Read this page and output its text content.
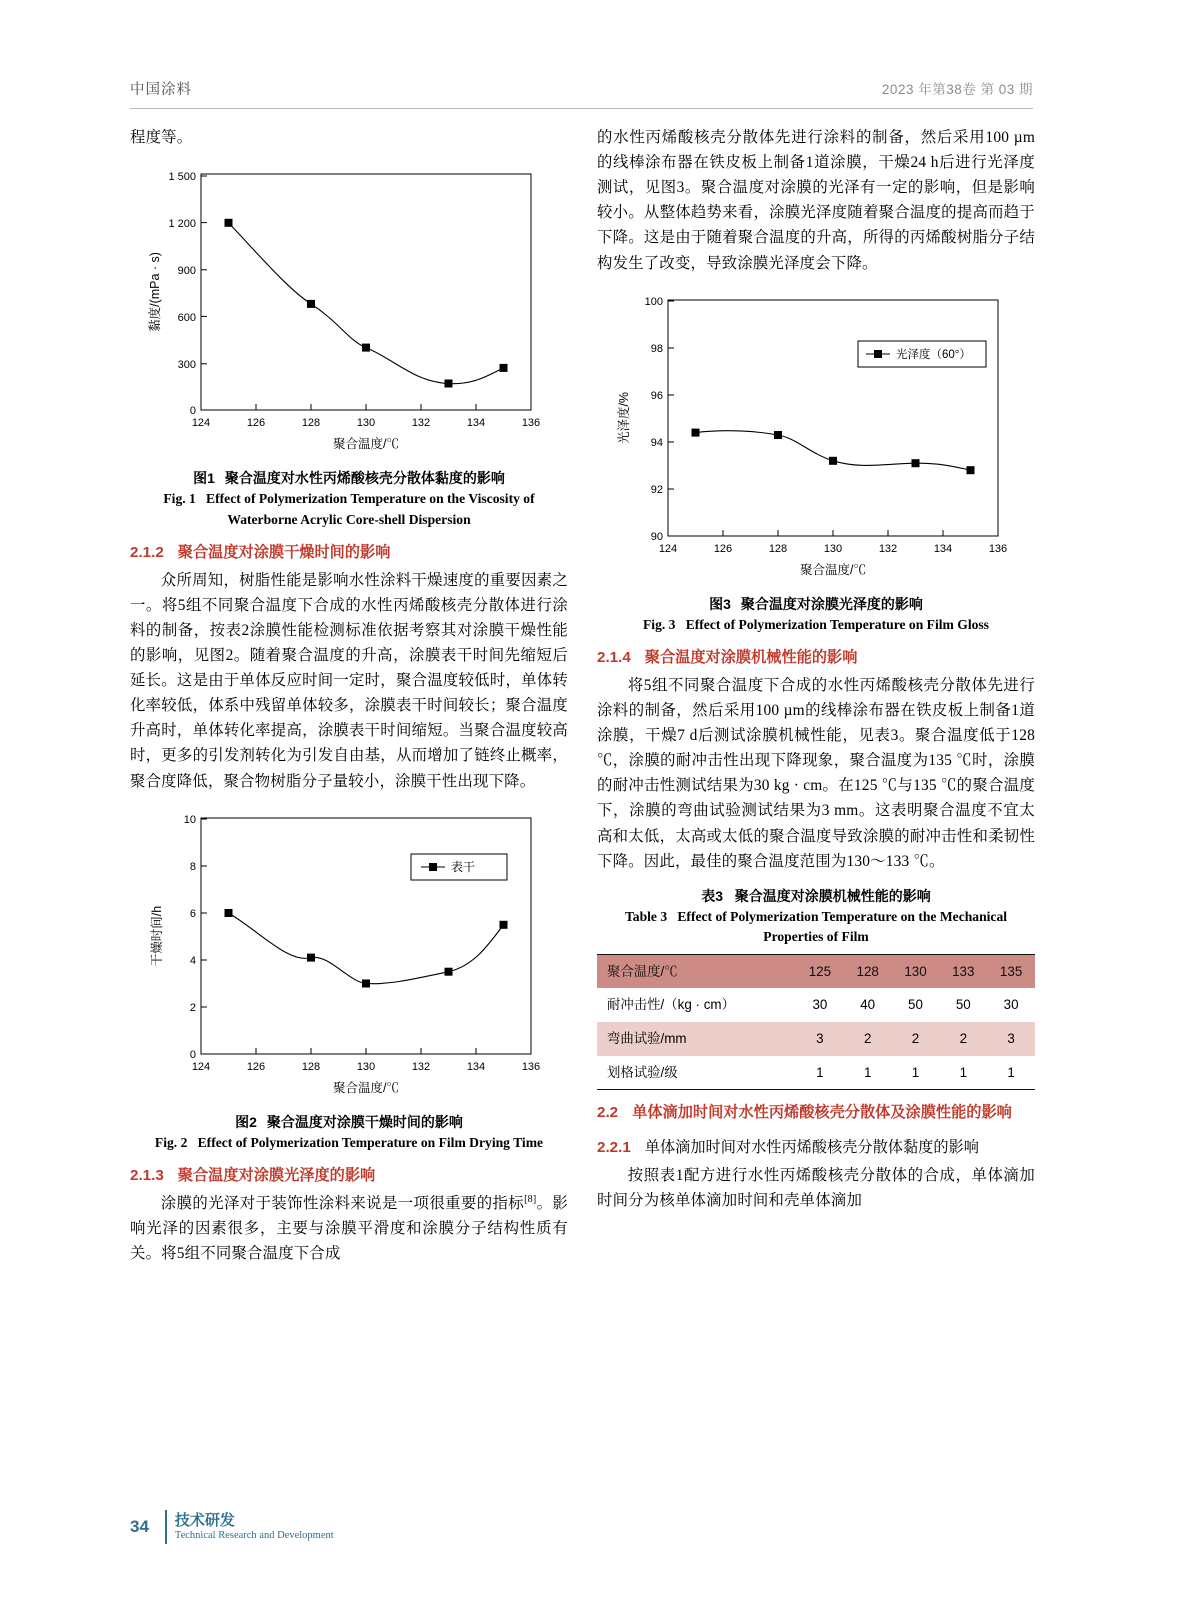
中国涂料	2023 年第38卷 第 03 期

程度等。

0
300
600
900
1 200
1 500
124	126	128	130	132	134	136
聚合温度/℃
黏度/(mPa · s)
图1 聚合温度对水性丙烯酸核壳分散体黏度的影响
Fig. 1 Effect of Polymerization Temperature on the Viscosity of Waterborne Acrylic Core-shell Dispersion
2.1.2 聚合温度对涂膜干燥时间的影响

众所周知，树脂性能是影响水性涂料干燥速度的重要因素之一。将5组不同聚合温度下合成的水性丙烯酸核壳分散体进行涂料的制备，按表2涂膜性能检测标准依据考察其对涂膜干燥性能的影响，见图2。随着聚合温度的升高，涂膜表干时间先缩短后延长。这是由于单体反应时间一定时，聚合温度较低时，单体转化率较低，体系中残留单体较多，涂膜表干时间较长；聚合温度升高时，单体转化率提高，涂膜表干时间缩短。当聚合温度较高时，更多的引发剂转化为引发自由基，从而增加了链终止概率，聚合度降低，聚合物树脂分子量较小，涂膜干性出现下降。

0
2
4
6
8
10
124	126	128	130	132	134	136
聚合温度/℃
干燥时间/h
表干
图2 聚合温度对涂膜干燥时间的影响
Fig. 2 Effect of Polymerization Temperature on Film Drying Time
2.1.3 聚合温度对涂膜光泽度的影响

涂膜的光泽对于装饰性涂料来说是一项很重要的指标[8]。影响光泽的因素很多，主要与涂膜平滑度和涂膜分子结构性质有关。将5组不同聚合温度下合成

的水性丙烯酸核壳分散体先进行涂料的制备，然后采用100 µm的线棒涂布器在铁皮板上制备1道涂膜，干燥24 h后进行光泽度测试，见图3。聚合温度对涂膜的光泽有一定的影响，但是影响较小。从整体趋势来看，涂膜光泽度随着聚合温度的提高而趋于下降。这是由于随着聚合温度的升高，所得的丙烯酸树脂分子结构发生了改变，导致涂膜光泽度会下降。

90
92
94
96
98
100
124	126	128	130	132	134	136
聚合温度/℃
光泽度/%
光泽度（60°）
图3 聚合温度对涂膜光泽度的影响
Fig. 3 Effect of Polymerization Temperature on Film Gloss
2.1.4 聚合温度对涂膜机械性能的影响

将5组不同聚合温度下合成的水性丙烯酸核壳分散体先进行涂料的制备，然后采用100 µm的线棒涂布器在铁皮板上制备1道涂膜，干燥7 d后测试涂膜机械性能，见表3。聚合温度低于128 ℃，涂膜的耐冲击性出现下降现象，聚合温度为135 ℃时，涂膜的耐冲击性测试结果为30 kg · cm。在125 ℃与135 ℃的聚合温度下，涂膜的弯曲试验测试结果为3 mm。这表明聚合温度不宜太高和太低，太高或太低的聚合温度导致涂膜的耐冲击性和柔韧性下降。因此，最佳的聚合温度范围为130～133 ℃。

表3 聚合温度对涂膜机械性能的影响
Table 3 Effect of Polymerization Temperature on the Mechanical Properties of Film
聚合温度/℃	125	128	130	133	135
耐冲击性/（kg · cm）	30	40	50	50	30
弯曲试验/mm	3	2	2	2	3
划格试验/级	1	1	1	1	1
2.2 单体滴加时间对水性丙烯酸核壳分散体及涂膜性能的影响
2.2.1 单体滴加时间对水性丙烯酸核壳分散体黏度的影响

按照表1配方进行水性丙烯酸核壳分散体的合成，单体滴加时间分为核单体滴加时间和壳单体滴加

34	技术研发
Technical Research and Development
